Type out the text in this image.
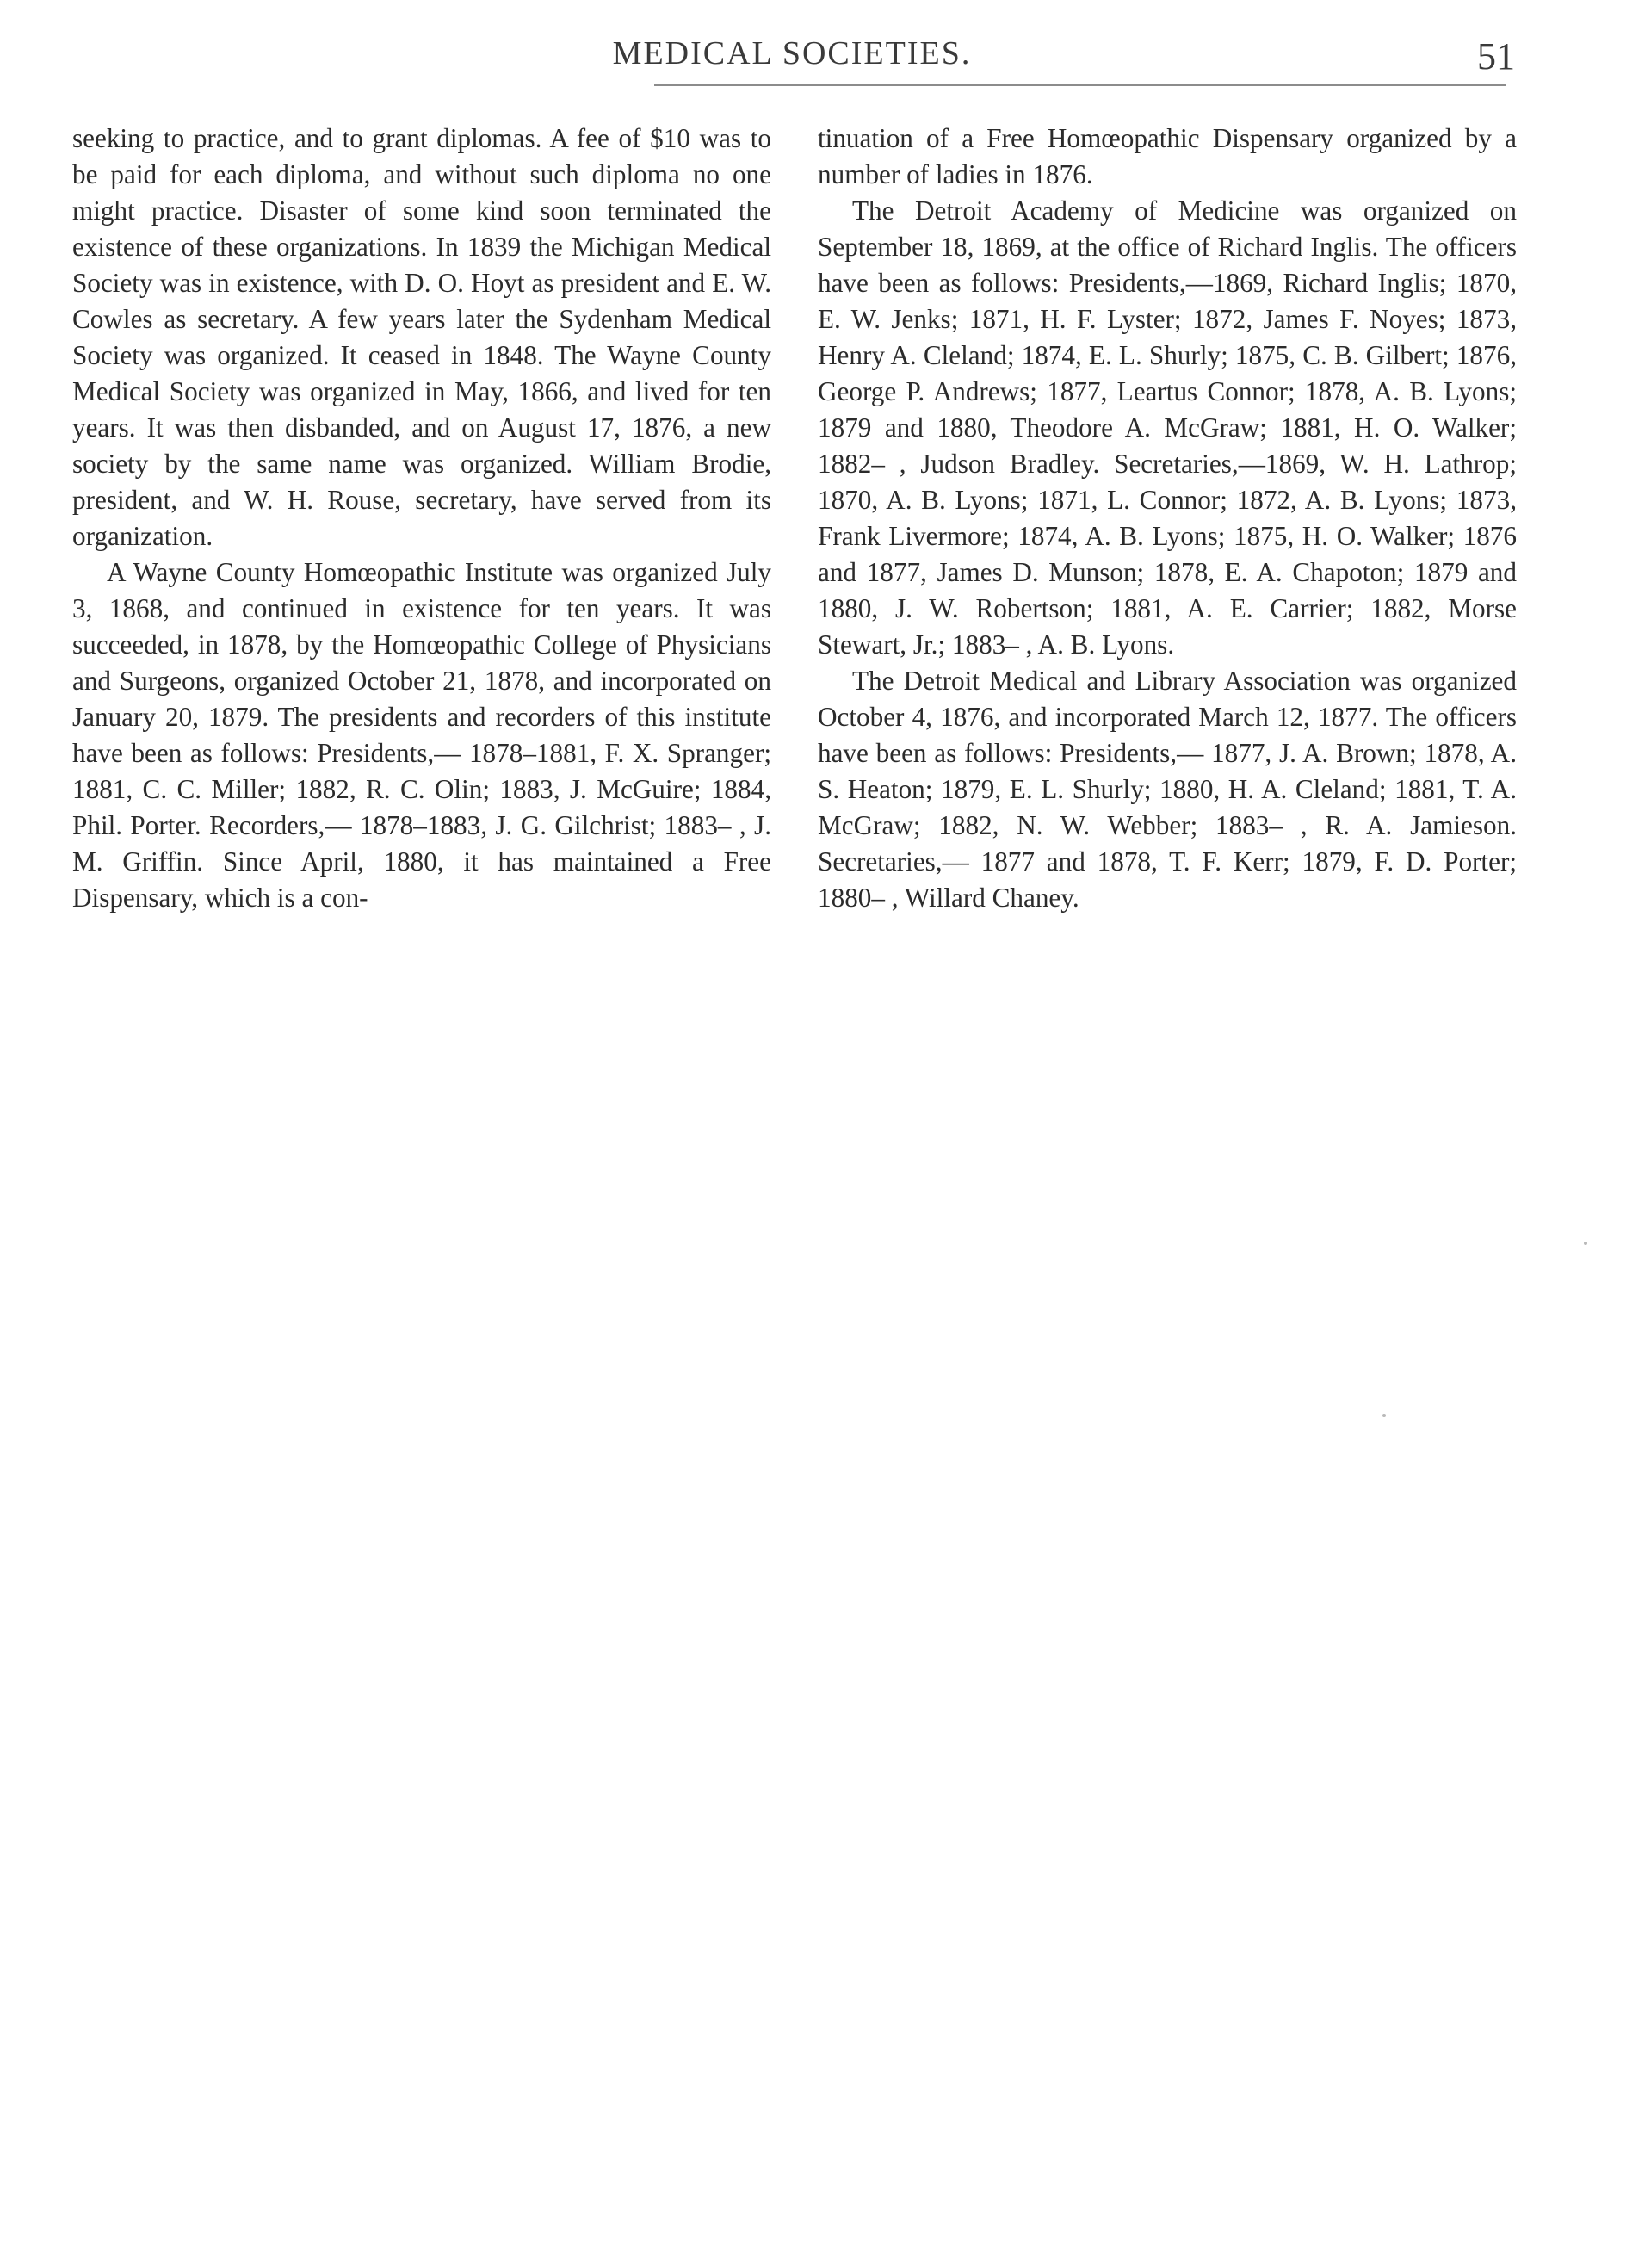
MEDICAL SOCIETIES.	51

seeking to practice, and to grant diplomas. A fee of $10 was to be paid for each diploma, and without such diploma no one might practice. Disaster of some kind soon terminated the existence of these organizations. In 1839 the Michigan Medical Society was in existence, with D. O. Hoyt as president and E. W. Cowles as secretary. A few years later the Sydenham Medical Society was organized. It ceased in 1848. The Wayne County Medical Society was organized in May, 1866, and lived for ten years. It was then disbanded, and on August 17, 1876, a new society by the same name was organized. William Brodie, president, and W. H. Rouse, secretary, have served from its organization.

A Wayne County Homœopathic Institute was organized July 3, 1868, and continued in existence for ten years. It was succeeded, in 1878, by the Homœopathic College of Physicians and Surgeons, organized October 21, 1878, and incorporated on January 20, 1879. The presidents and recorders of this institute have been as follows: Presidents,— 1878–1881, F. X. Spranger; 1881, C. C. Miller; 1882, R. C. Olin; 1883, J. McGuire; 1884, Phil. Porter. Recorders,— 1878–1883, J. G. Gilchrist; 1883– , J. M. Griffin. Since April, 1880, it has maintained a Free Dispensary, which is a con-

tinuation of a Free Homœopathic Dispensary organized by a number of ladies in 1876.

The Detroit Academy of Medicine was organized on September 18, 1869, at the office of Richard Inglis. The officers have been as follows: Presidents,—1869, Richard Inglis; 1870, E. W. Jenks; 1871, H. F. Lyster; 1872, James F. Noyes; 1873, Henry A. Cleland; 1874, E. L. Shurly; 1875, C. B. Gilbert; 1876, George P. Andrews; 1877, Leartus Connor; 1878, A. B. Lyons; 1879 and 1880, Theodore A. McGraw; 1881, H. O. Walker; 1882– , Judson Bradley. Secretaries,—1869, W. H. Lathrop; 1870, A. B. Lyons; 1871, L. Connor; 1872, A. B. Lyons; 1873, Frank Livermore; 1874, A. B. Lyons; 1875, H. O. Walker; 1876 and 1877, James D. Munson; 1878, E. A. Chapoton; 1879 and 1880, J. W. Robertson; 1881, A. E. Carrier; 1882, Morse Stewart, Jr.; 1883– , A. B. Lyons.

The Detroit Medical and Library Association was organized October 4, 1876, and incorporated March 12, 1877. The officers have been as follows: Presidents,— 1877, J. A. Brown; 1878, A. S. Heaton; 1879, E. L. Shurly; 1880, H. A. Cleland; 1881, T. A. McGraw; 1882, N. W. Webber; 1883– , R. A. Jamieson. Secretaries,— 1877 and 1878, T. F. Kerr; 1879, F. D. Porter; 1880– , Willard Chaney.
